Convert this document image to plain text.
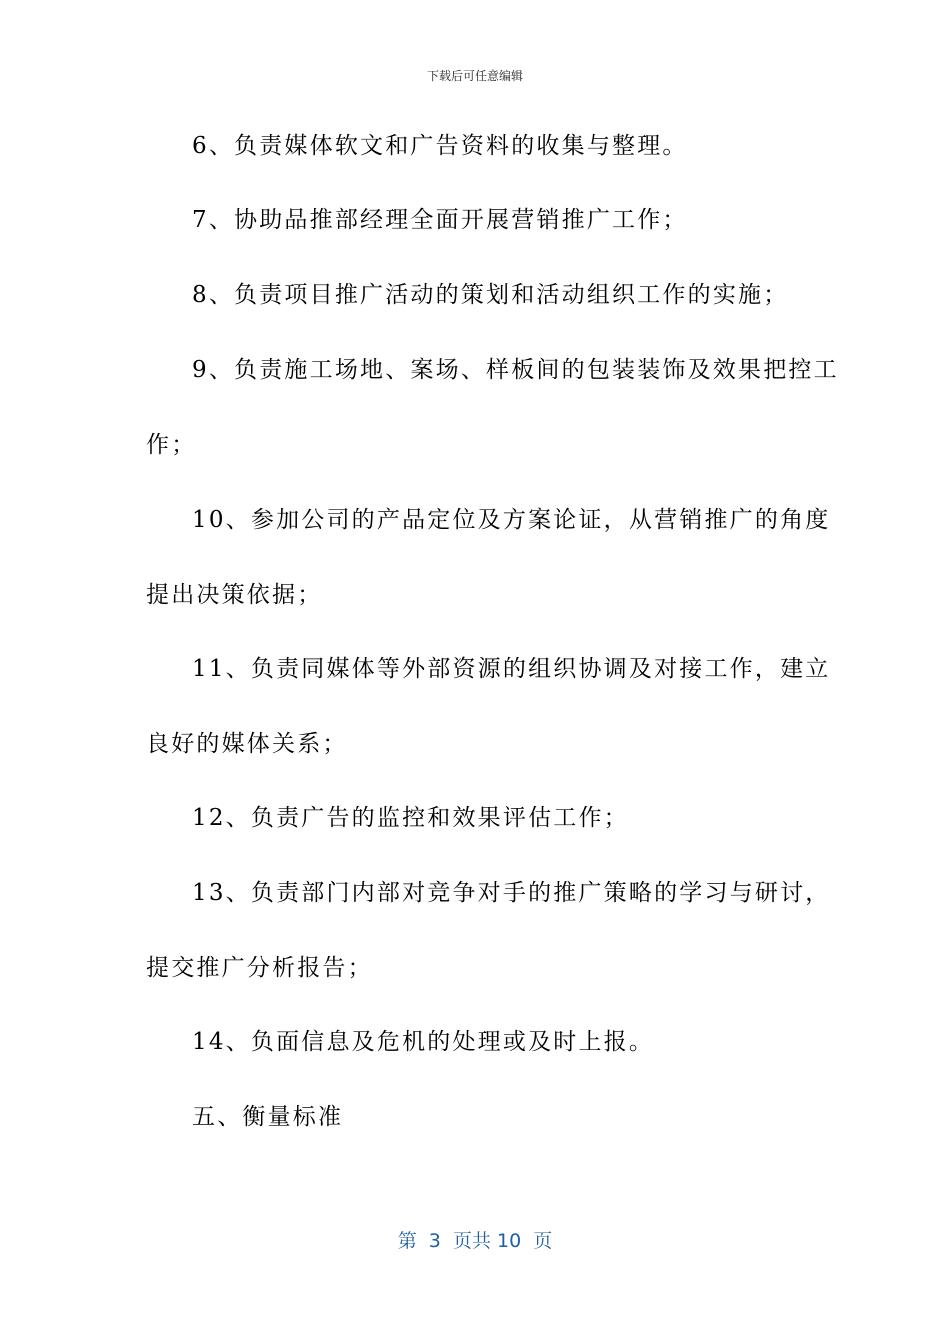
下载后可任意编辑
6、负责媒体软文和广告资料的收集与整理。
7、协助品推部经理全面开展营销推广工作；
8、负责项目推广活动的策划和活动组织工作的实施；
9、负责施工场地、案场、样板间的包装装饰及效果把控工
作；
10、参加公司的产品定位及方案论证，从营销推广的角度
提出决策依据；
11、负责同媒体等外部资源的组织协调及对接工作，建立
良好的媒体关系；
12、负责广告的监控和效果评估工作；
13、负责部门内部对竞争对手的推广策略的学习与研讨，
提交推广分析报告；
14、负面信息及危机的处理或及时上报。
五、衡量标准
第  3  页共 10  页
